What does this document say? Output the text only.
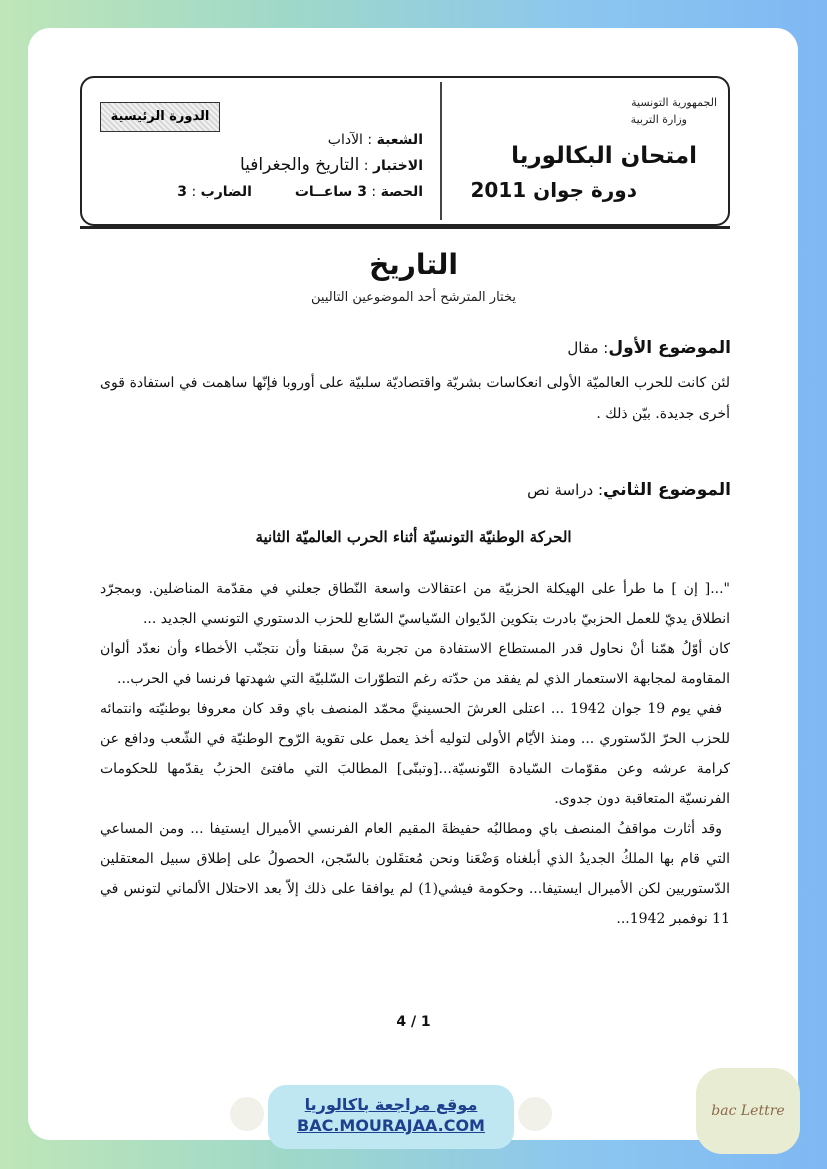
الجمهورية التونسية
وزارة التربية
امتحان البكالوريا
دورة جوان 2011
الدورة الرئيسية
الشعبة : الآداب
الاختبار : التاريخ والجغرافيا
الحصة : 3 ساعــات  الضارب : 3
التاريخ
يختار المترشح أحد الموضوعين التاليين
الموضوع الأول: مقال
لئن كانت للحرب العالميّة الأولى انعكاسات بشريّة واقتصاديّة سلبيّة على أوروبا فإنّها ساهمت في استفادة قوى أخرى جديدة. بيّن ذلك .
الموضوع الثاني: دراسة نص
الحركة الوطنيّة التونسيّة أثناء الحرب العالميّة الثانية
"...[ إن ] ما طرأ على الهيكلة الحزبيّة من اعتقالات واسعة النّطاق جعلني في مقدّمة المناضلين. وبمجرّد انطلاق يديّ للعمل الحزبيّ بادرت بتكوين الدّيوان السّياسيّ السّابع للحزب الدستوري التونسي الجديد ...
كان أوّلُ همّنا أنْ نحاول قدر المستطاع الاستفادة من تجربة مَنْ سبقنا وأن نتجنّب الأخطاء وأن نعدّد ألوان المقاومة لمجابهة الاستعمار الذي لم يفقد من حدّته رغم التطوّرات السّلبيّة التي شهدتها فرنسا في الحرب...
ففي يوم 19 جوان 1942 ... اعتلى العرشَ الحسينيَّ محمّد المنصف باي وقد كان معروفا بوطنيّته وانتمائه للحزب الحرّ الدّستوري ... ومنذ الأيّام الأولى لتوليه أخذ يعمل على تقوية الرّوح الوطنيّة في الشّعب ودافع عن كرامة عرشه وعن مقوّمات السّيادة التّونسيّة...[وتبنّى] المطالبَ التي مافتئ الحزبُ يقدّمها للحكومات الفرنسيّة المتعاقبة دون جدوى.
وقد أثارت مواقفُ المنصف باي ومطالبُه حفيظةَ المقيم العام الفرنسي الأميرال ايستيفا ... ومن المساعي التي قام بها الملكُ الجديدُ الذي أبلغناه وَضْعَنا ونحن مُعتقَلون بالسّجن، الحصولُ على إطلاق سبيل المعتقلين الدّستوريين لكن الأميرال ايستيفا... وحكومة فيشي(1) لم يوافقا على ذلك إلاّ بعد الاحتلال الألماني لتونس في 11 نوفمبر 1942...
4 / 1
موقع مراجعة باكالوريا
BAC.MOURAJAA.COM
bac Lettre
